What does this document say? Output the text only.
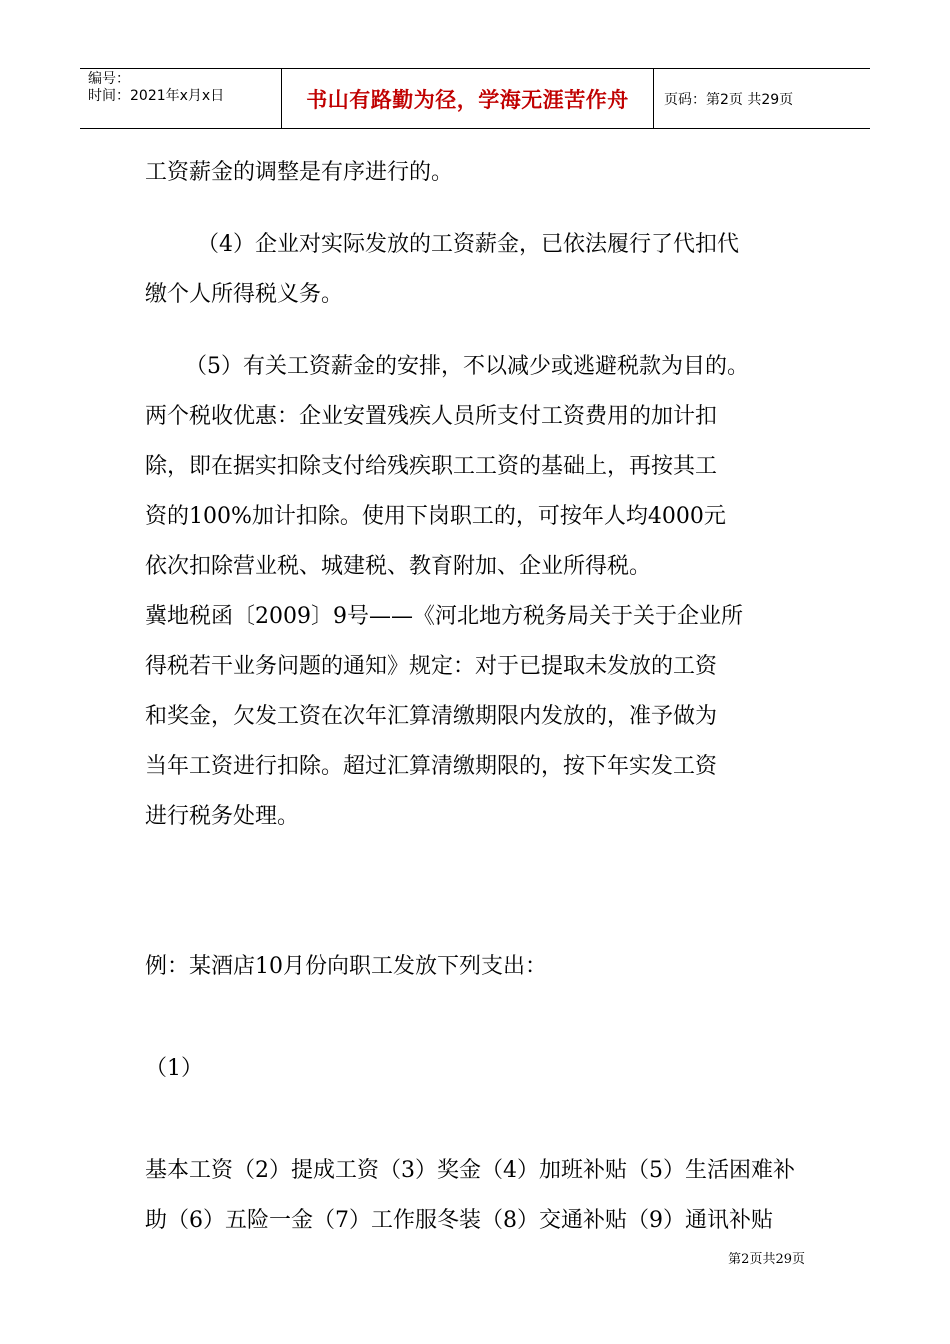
编号：
时间：2021年x月x日	书山有路勤为径，学海无涯苦作舟	页码：第2页 共29页

工资薪金的调整是有序进行的。

（4）企业对实际发放的工资薪金，已依法履行了代扣代

缴个人所得税义务。

（5）有关工资薪金的安排，不以减少或逃避税款为目的。

两个税收优惠：企业安置残疾人员所支付工资费用的加计扣

除，即在据实扣除支付给残疾职工工资的基础上，再按其工

资的100%加计扣除。使用下岗职工的，可按年人均4000元

依次扣除营业税、城建税、教育附加、企业所得税。

冀地税函〔2009〕9号——《河北地方税务局关于关于企业所

得税若干业务问题的通知》规定：对于已提取未发放的工资

和奖金，欠发工资在次年汇算清缴期限内发放的，准予做为

当年工资进行扣除。超过汇算清缴期限的，按下年实发工资

进行税务处理。

例：某酒店10月份向职工发放下列支出：

（1）

基本工资（2）提成工资（3）奖金（4）加班补贴（5）生活困难补

助（6）五险一金（7）工作服冬装（8）交通补贴（9）通讯补贴

第2页共29页
